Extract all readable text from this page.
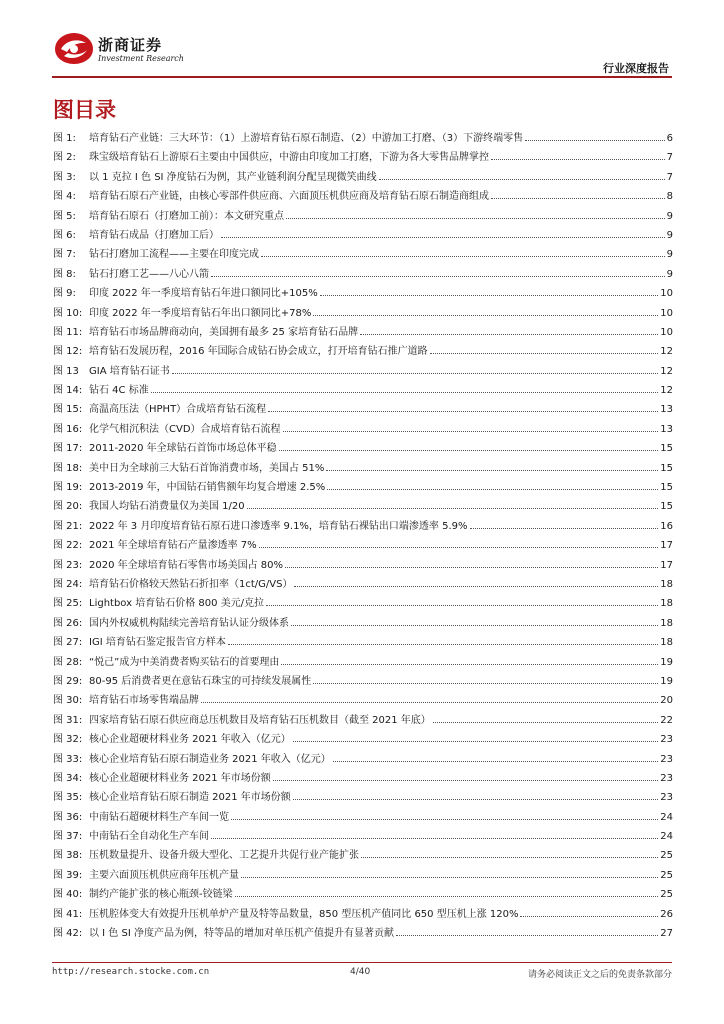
浙商证券
Investment Research
行业深度报告
图目录
图 1: 培育钻石产业链：三大环节：（1）上游培育钻石原石制造、（2）中游加工打磨、（3）下游终端零售	6
图 2: 珠宝级培育钻石上游原石主要由中国供应，中游由印度加工打磨，下游为各大零售品牌掌控	7
图 3: 以 1 克拉 I 色 SI 净度钻石为例，其产业链利润分配呈现微笑曲线	7
图 4: 培育钻石原石产业链，由核心零部件供应商、六面顶压机供应商及培育钻石原石制造商组成	8
图 5: 培育钻石原石（打磨加工前）：本文研究重点	9
图 6: 培育钻石成品（打磨加工后）	9
图 7: 钻石打磨加工流程——主要在印度完成	9
图 8: 钻石打磨工艺——八心八箭	9
图 9: 印度 2022 年一季度培育钻石年进口额同比+105%	10
图 10: 印度 2022 年一季度培育钻石年出口额同比+78%	10
图 11: 培育钻石市场品牌商动向，美国拥有最多 25 家培育钻石品牌	10
图 12: 培育钻石发展历程，2016 年国际合成钻石协会成立，打开培育钻石推广道路	12
图 13 GIA 培育钻石证书	12
图 14: 钻石 4C 标准	12
图 15: 高温高压法（HPHT）合成培育钻石流程	13
图 16: 化学气相沉积法（CVD）合成培育钻石流程	13
图 17: 2011-2020 年全球钻石首饰市场总体平稳	15
图 18: 美中日为全球前三大钻石首饰消费市场，美国占 51%	15
图 19: 2013-2019 年，中国钻石销售额年均复合增速 2.5%	15
图 20: 我国人均钻石消费量仅为美国 1/20	15
图 21: 2022 年 3 月印度培育钻石原石进口渗透率 9.1%，培育钻石裸钻出口端渗透率 5.9%	16
图 22: 2021 年全球培育钻石产量渗透率 7%	17
图 23: 2020 年全球培育钻石零售市场美国占 80%	17
图 24: 培育钻石价格较天然钻石折扣率（1ct/G/VS）	18
图 25: Lightbox 培育钻石价格 800 美元/克拉	18
图 26: 国内外权威机构陆续完善培育钻认证分级体系	18
图 27: IGI 培育钻石鉴定报告官方样本	18
图 28: “悦己”成为中美消费者购买钻石的首要理由	19
图 29: 80-95 后消费者更在意钻石珠宝的可持续发展属性	19
图 30: 培育钻石市场零售端品牌	20
图 31: 四家培育钻石原石供应商总压机数目及培育钻石压机数目（截至 2021 年底）	22
图 32: 核心企业超硬材料业务 2021 年收入（亿元）	23
图 33: 核心企业培育钻石原石制造业务 2021 年收入（亿元）	23
图 34: 核心企业超硬材料业务 2021 年市场份额	23
图 35: 核心企业培育钻石原石制造 2021 年市场份额	23
图 36: 中南钻石超硬材料生产车间一览	24
图 37: 中南钻石全自动化生产车间	24
图 38: 压机数量提升、设备升级大型化、工艺提升共促行业产能扩张	25
图 39: 主要六面顶压机供应商年压机产量	25
图 40: 制约产能扩张的核心瓶颈-铰链梁	25
图 41: 压机腔体变大有效提升压机单炉产量及特等品数量，850 型压机产值同比 650 型压机上涨 120%	26
图 42: 以 I 色 SI 净度产品为例，特等品的增加对单压机产值提升有显著贡献	27
http://research.stocke.com.cn	4/40	请务必阅读正文之后的免责条款部分
